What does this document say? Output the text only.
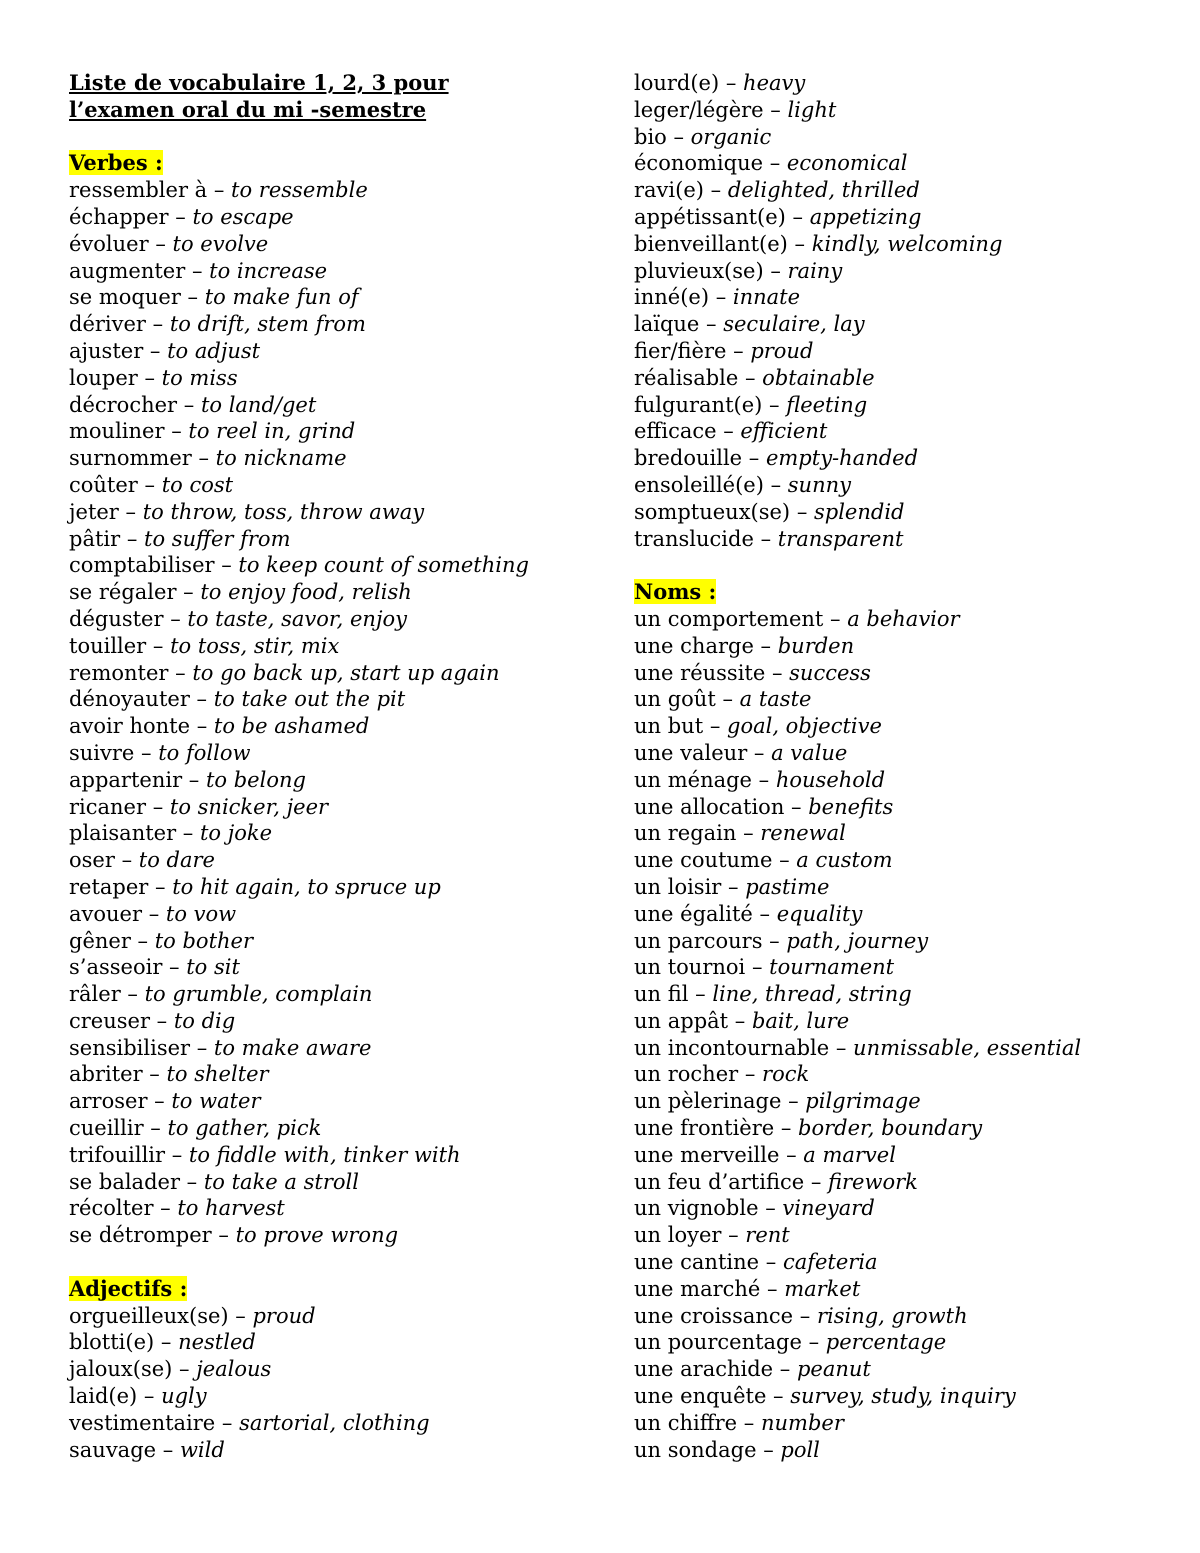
Liste de vocabulaire 1, 2, 3 pour
l’examen oral du mi -semestre
Verbes :
ressembler à – to ressemble
échapper – to escape
évoluer – to evolve
augmenter – to increase
se moquer – to make fun of
dériver – to drift, stem from
ajuster – to adjust
louper – to miss
décrocher – to land/get
mouliner – to reel in, grind
surnommer – to nickname
coûter – to cost
jeter – to throw, toss, throw away
pâtir – to suffer from
comptabiliser – to keep count of something
se régaler – to enjoy food, relish
déguster – to taste, savor, enjoy
touiller – to toss, stir, mix
remonter – to go back up, start up again
dénoyauter – to take out the pit
avoir honte – to be ashamed
suivre – to follow
appartenir – to belong
ricaner – to snicker, jeer
plaisanter – to joke
oser – to dare
retaper – to hit again, to spruce up
avouer – to vow
gêner – to bother
s’asseoir – to sit
râler – to grumble, complain
creuser – to dig
sensibiliser – to make aware
abriter – to shelter
arroser – to water
cueillir – to gather, pick
trifouillir – to fiddle with, tinker with
se balader – to take a stroll
récolter – to harvest
se détromper – to prove wrong
Adjectifs :
orgueilleux(se) – proud
blotti(e) – nestled
jaloux(se) – jealous
laid(e) – ugly
vestimentaire – sartorial, clothing
sauvage – wild
lourd(e) – heavy
leger/légère – light
bio – organic
économique – economical
ravi(e) – delighted, thrilled
appétissant(e) – appetizing
bienveillant(e) – kindly, welcoming
pluvieux(se) – rainy
inné(e) – innate
laïque – seculaire, lay
fier/fière – proud
réalisable – obtainable
fulgurant(e) – fleeting
efficace – efficient
bredouille – empty-handed
ensoleillé(e) – sunny
somptueux(se) – splendid
translucide – transparent
Noms :
un comportement – a behavior
une charge – burden
une réussite – success
un goût – a taste
un but – goal, objective
une valeur – a value
un ménage – household
une allocation – benefits
un regain – renewal
une coutume – a custom
un loisir – pastime
une égalité – equality
un parcours – path, journey
un tournoi – tournament
un fil – line, thread, string
un appât – bait, lure
un incontournable – unmissable, essential
un rocher – rock
un pèlerinage – pilgrimage
une frontière – border, boundary
une merveille – a marvel
un feu d’artifice – firework
un vignoble – vineyard
un loyer – rent
une cantine – cafeteria
une marché – market
une croissance – rising, growth
un pourcentage – percentage
une arachide – peanut
une enquête – survey, study, inquiry
un chiffre – number
un sondage – poll
